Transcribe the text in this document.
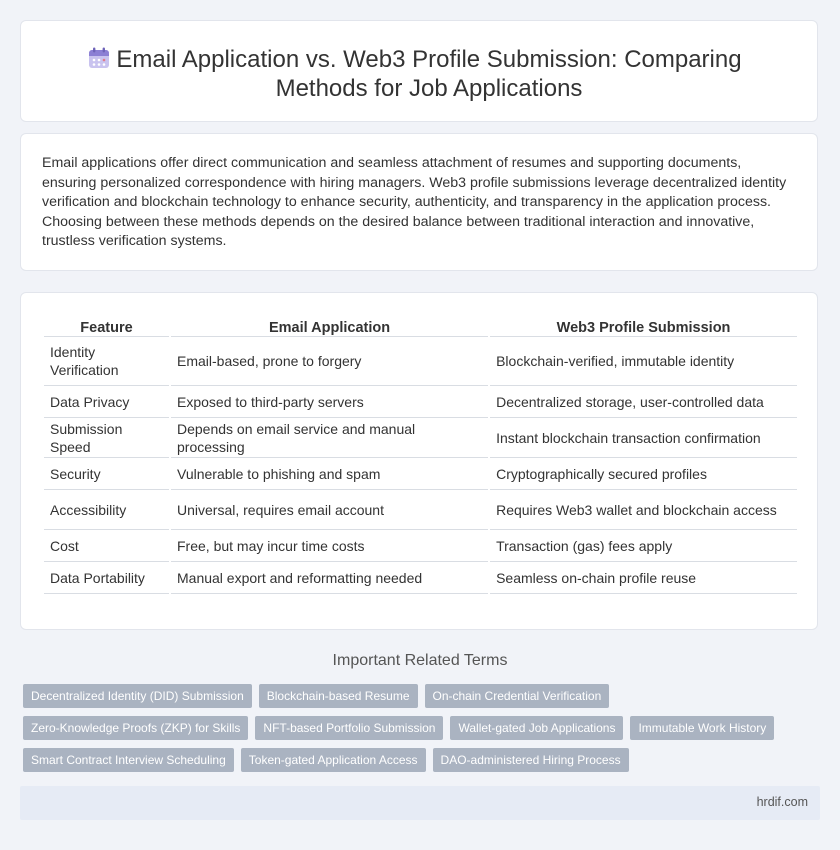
Email Application vs. Web3 Profile Submission: Comparing Methods for Job Applications

Email applications offer direct communication and seamless attachment of resumes and supporting documents, ensuring personalized correspondence with hiring managers. Web3 profile submissions leverage decentralized identity verification and blockchain technology to enhance security, authenticity, and transparency in the application process. Choosing between these methods depends on the desired balance between traditional interaction and innovative, trustless verification systems.

Feature	Email Application	Web3 Profile Submission
Identity Verification	Email-based, prone to forgery	Blockchain-verified, immutable identity
Data Privacy	Exposed to third-party servers	Decentralized storage, user-controlled data
Submission Speed	Depends on email service and manual processing	Instant blockchain transaction confirmation
Security	Vulnerable to phishing and spam	Cryptographically secured profiles
Accessibility	Universal, requires email account	Requires Web3 wallet and blockchain access
Cost	Free, but may incur time costs	Transaction (gas) fees apply
Data Portability	Manual export and reformatting needed	Seamless on-chain profile reuse
Important Related Terms
Decentralized Identity (DID) Submission	Blockchain-based Resume	On-chain Credential Verification
Zero-Knowledge Proofs (ZKP) for Skills	NFT-based Portfolio Submission	Wallet-gated Job Applications	Immutable Work History
Smart Contract Interview Scheduling	Token-gated Application Access	DAO-administered Hiring Process
hrdif.com
